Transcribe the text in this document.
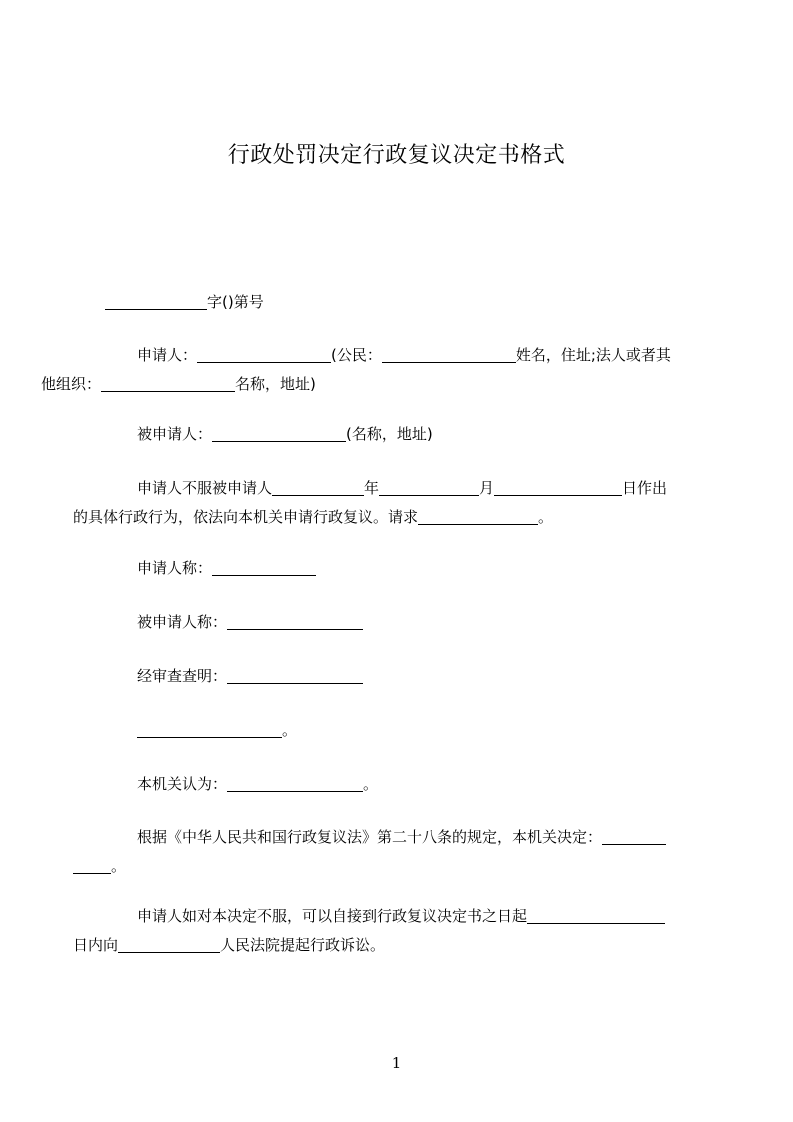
行政处罚决定行政复议决定书格式
字()第号
申请人：	(公民：	姓名，住址;法人或者其
他组织：	名称，地址)
被申请人：	(名称，地址)
申请人不服被申请人	年	月	日作出
的具体行政行为，依法向本机关申请行政复议。请求	。
申请人称：
被申请人称：
经审查查明：
。
本机关认为：	。
根据《中华人民共和国行政复议法》第二十八条的规定，本机关决定：
。
申请人如对本决定不服，可以自接到行政复议决定书之日起
日内向	人民法院提起行政诉讼。
1
